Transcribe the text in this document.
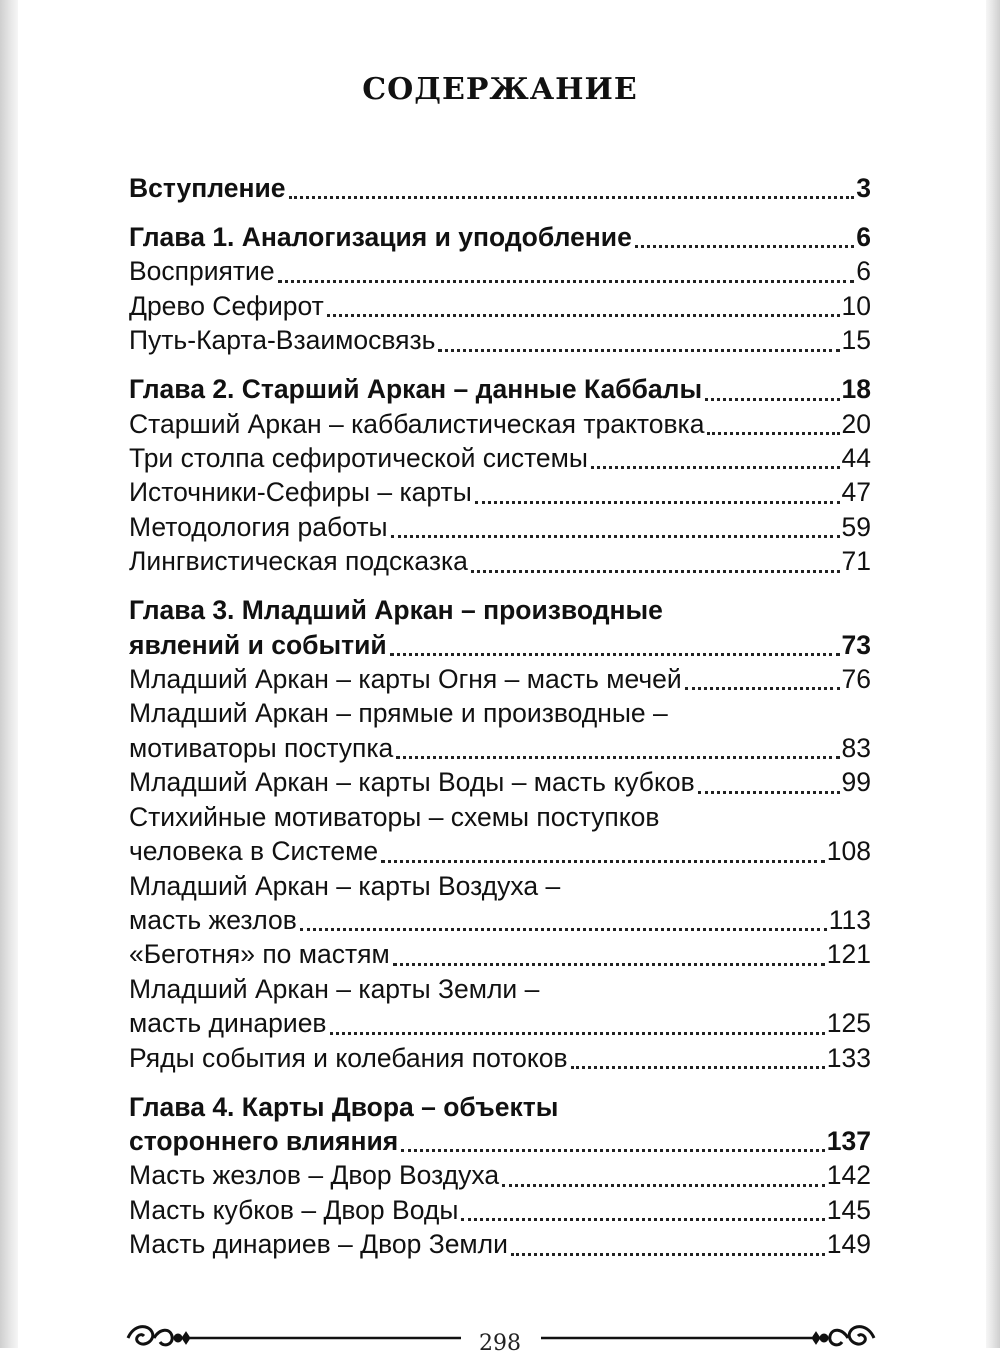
СОДЕРЖАНИЕ
Вступление	3
Глава 1. Аналогизация и уподобление	6
Восприятие	6
Древо Сефирот	10
Путь-Карта-Взаимосвязь	15
Глава 2. Старший Аркан – данные Каббалы	18
Старший Аркан – каббалистическая трактовка	20
Три столпа сефиротической системы	44
Источники-Сефиры – карты	47
Методология работы	59
Лингвистическая подсказка	71
Глава 3. Младший Аркан – производные
явлений и событий	73
Младший Аркан – карты Огня – масть мечей	76
Младший Аркан – прямые и производные –
мотиваторы поступка	83
Младший Аркан – карты Воды – масть кубков	99
Стихийные мотиваторы – схемы поступков
человека в Системе	108
Младший Аркан – карты Воздуха –
масть жезлов	113
«Беготня» по мастям	121
Младший Аркан – карты Земли –
масть динариев	125
Ряды события и колебания потоков	133
Глава 4. Карты Двора – объекты
стороннего влияния	137
Масть жезлов – Двор Воздуха	142
Масть кубков – Двор Воды	145
Масть динариев – Двор Земли	149
298
